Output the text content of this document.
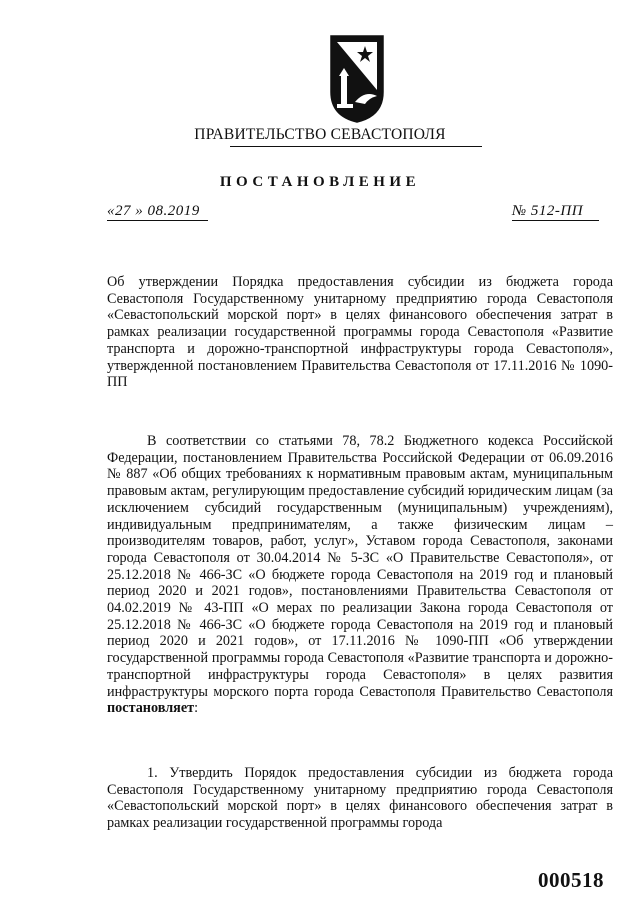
ПРАВИТЕЛЬСТВО СЕВАСТОПОЛЯ
ПОСТАНОВЛЕНИЕ
«27 » 08.2019	№ 512-ПП

Об утверждении Порядка предоставления субсидии из бюджета города Севастополя Государственному унитарному предприятию города Севастополя «Севастопольский морской порт» в целях финансового обеспечения затрат в рамках реализации государственной программы города Севастополя «Развитие транспорта и дорожно-транспортной инфраструктуры города Севастополя», утвержденной постановлением Правительства Севастополя от 17.11.2016 № 1090-ПП

В соответствии со статьями 78, 78.2 Бюджетного кодекса Российской Федерации, постановлением Правительства Российской Федерации от 06.09.2016 № 887 «Об общих требованиях к нормативным правовым актам, муниципальным правовым актам, регулирующим предоставление субсидий юридическим лицам (за исключением субсидий государственным (муниципальным) учреждениям), индивидуальным предпринимателям, а также физическим лицам – производителям товаров, работ, услуг», Уставом города Севастополя, законами города Севастополя от 30.04.2014 № 5-ЗС «О Правительстве Севастополя», от 25.12.2018 № 466-ЗС «О бюджете города Севастополя на 2019 год и плановый период 2020 и 2021 годов», постановлениями Правительства Севастополя от 04.02.2019 № 43-ПП «О мерах по реализации Закона города Севастополя от 25.12.2018 № 466-ЗС «О бюджете города Севастополя на 2019 год и плановый период 2020 и 2021 годов», от 17.11.2016 № 1090-ПП «Об утверждении государственной программы города Севастополя «Развитие транспорта и дорожно-транспортной инфраструктуры города Севастополя» в целях развития инфраструктуры морского порта города Севастополя Правительство Севастополя постановляет:

1. Утвердить Порядок предоставления субсидии из бюджета города Севастополя Государственному унитарному предприятию города Севастополя «Севастопольский морской порт» в целях финансового обеспечения затрат в рамках реализации государственной программы города

000518
